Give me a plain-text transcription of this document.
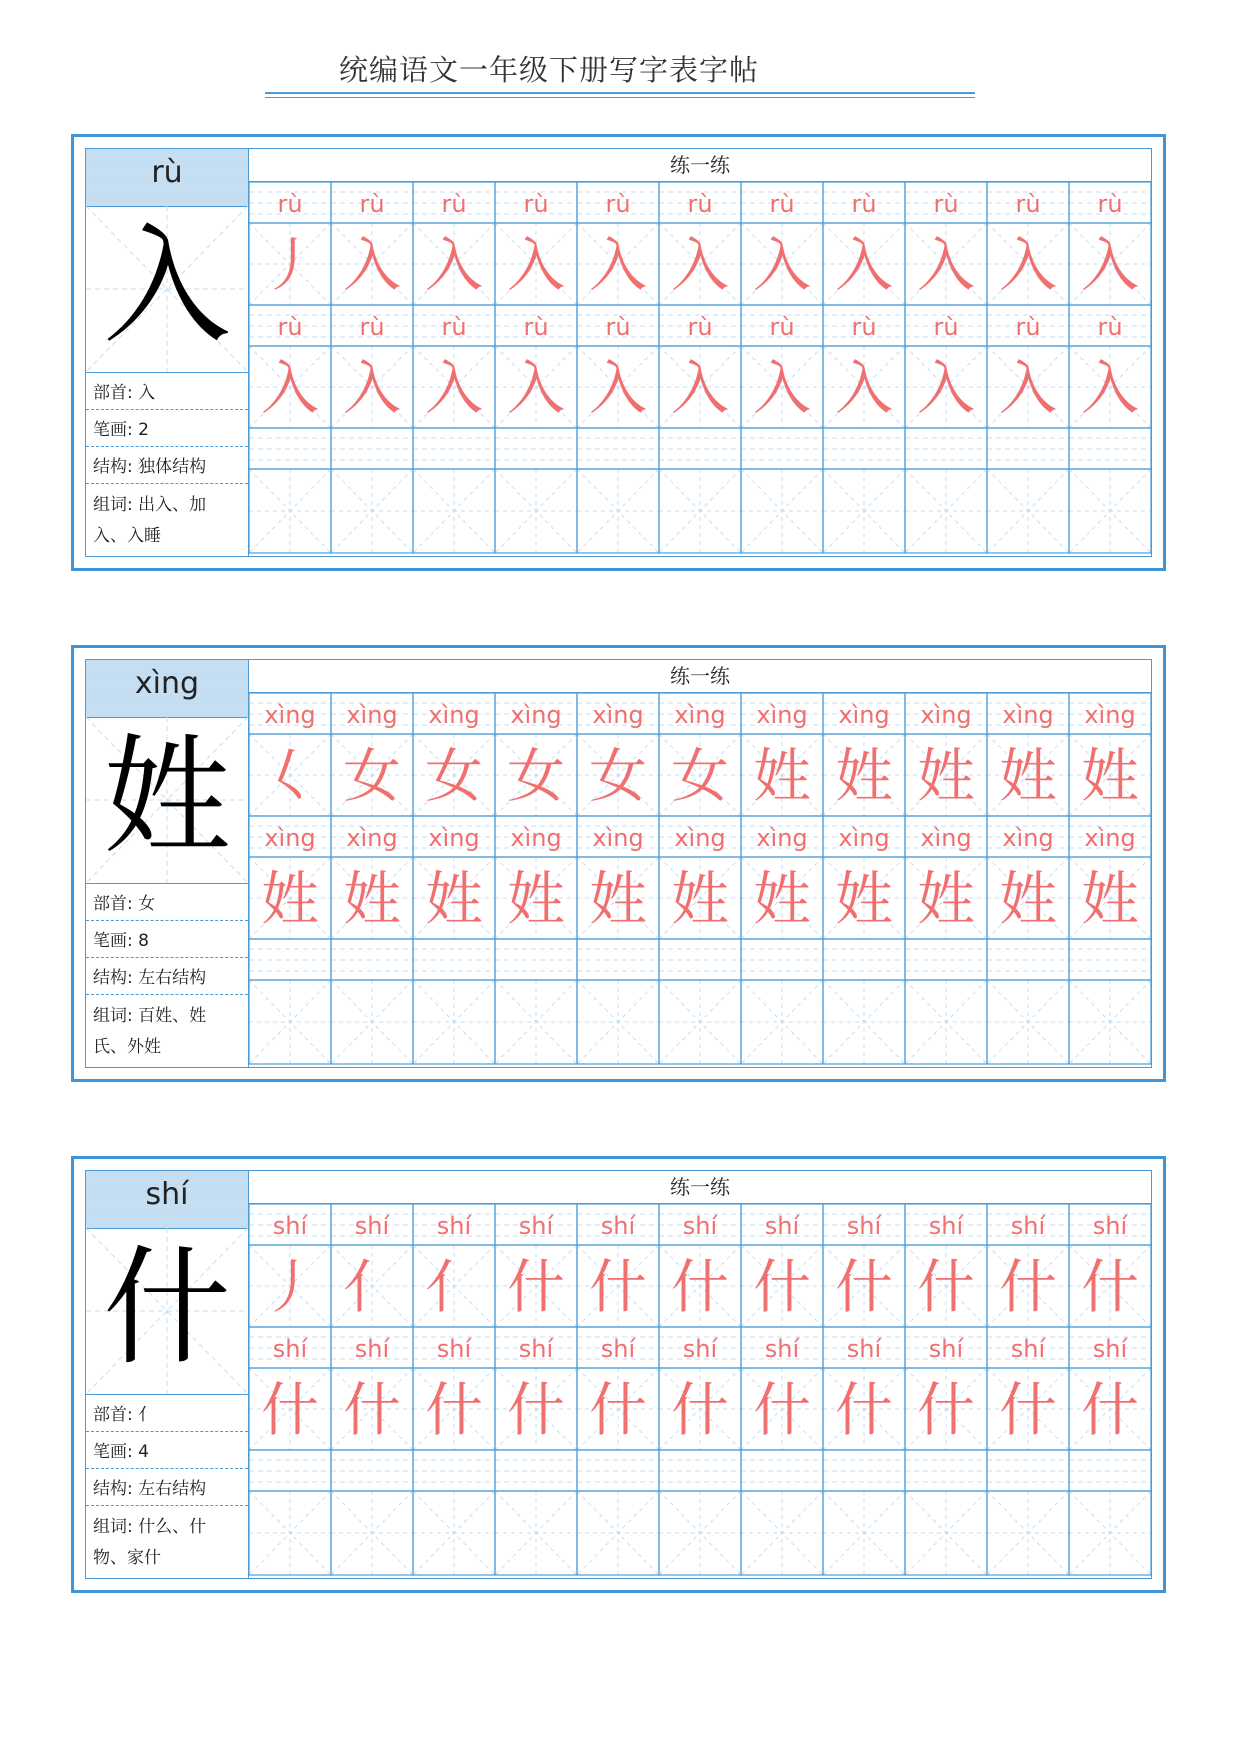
统编语文一年级下册写字表字帖
rù
入
部首: 入
笔画: 2
结构: 独体结构
组词: 出入、加入、入睡
练一练
rù rù rù rù rù rù rù rù rù rù rù
丿 入 入 入 入 入 入 入 入 入 入
rù rù rù rù rù rù rù rù rù rù rù
入 入 入 入 入 入 入 入 入 入 入
xìng
姓
部首: 女
笔画: 8
结构: 左右结构
组词: 百姓、姓氏、外姓
练一练
xìng xìng xìng xìng xìng xìng xìng xìng xìng xìng xìng
𡿨 女 女 女 女 女 姓 姓 姓 姓 姓
xìng xìng xìng xìng xìng xìng xìng xìng xìng xìng xìng
姓 姓 姓 姓 姓 姓 姓 姓 姓 姓 姓
shí
什
部首: 亻
笔画: 4
结构: 左右结构
组词: 什么、什物、家什
练一练
shí shí shí shí shí shí shí shí shí shí shí
丿 亻 亻 什 什 什 什 什 什 什 什
shí shí shí shí shí shí shí shí shí shí shí
什 什 什 什 什 什 什 什 什 什 什
